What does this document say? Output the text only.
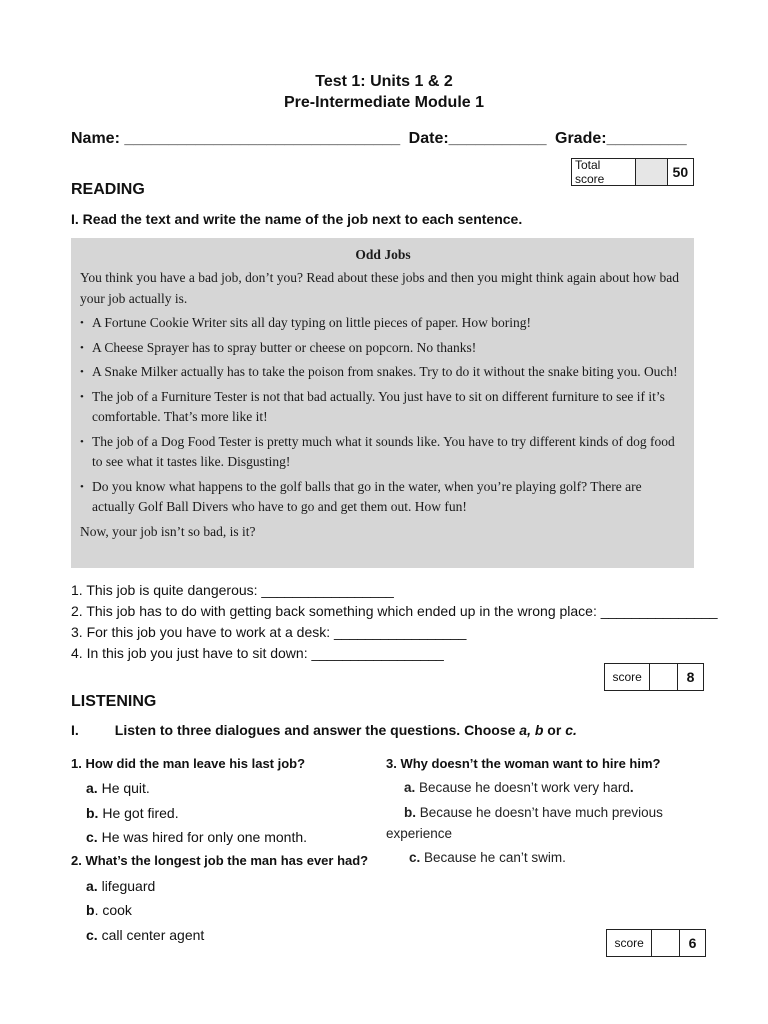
Test 1: Units 1 & 2
Pre-Intermediate Module 1
Name: _______________________________ Date:___________ Grade:_________
Total score	50
READING
I. Read the text and write the name of the job next to each sentence.
Odd Jobs

You think you have a bad job, don’t you? Read about these jobs and then you might think again about how bad your job actually is.

• A Fortune Cookie Writer sits all day typing on little pieces of paper. How boring!
• A Cheese Sprayer has to spray butter or cheese on popcorn. No thanks!
• A Snake Milker actually has to take the poison from snakes. Try to do it without the snake biting you. Ouch!
• The job of a Furniture Tester is not that bad actually. You just have to sit on different furniture to see if it’s comfortable. That’s more like it!
• The job of a Dog Food Tester is pretty much what it sounds like. You have to try different kinds of dog food to see what it tastes like. Disgusting!
• Do you know what happens to the golf balls that go in the water, when you’re playing golf? There are actually Golf Ball Divers who have to go and get them out. How fun!

Now, your job isn’t so bad, is it?

1. This job is quite dangerous: _________________
2. This job has to do with getting back something which ended up in the wrong place: _______________
3. For this job you have to work at a desk: _________________
4. In this job you just have to sit down: _________________
score	8
LISTENING
I.	Listen to three dialogues and answer the questions. Choose a, b or c.
1. How did the man leave his last job?
a. He quit.
b. He got fired.
c. He was hired for only one month.
2. What’s the longest job the man has ever had?
a. lifeguard
b. cook
c. call center agent
3. Why doesn’t the woman want to hire him?
a. Because he doesn’t work very hard.
b. Because he doesn’t have much previous
experience
c. Because he can’t swim.
score	6
